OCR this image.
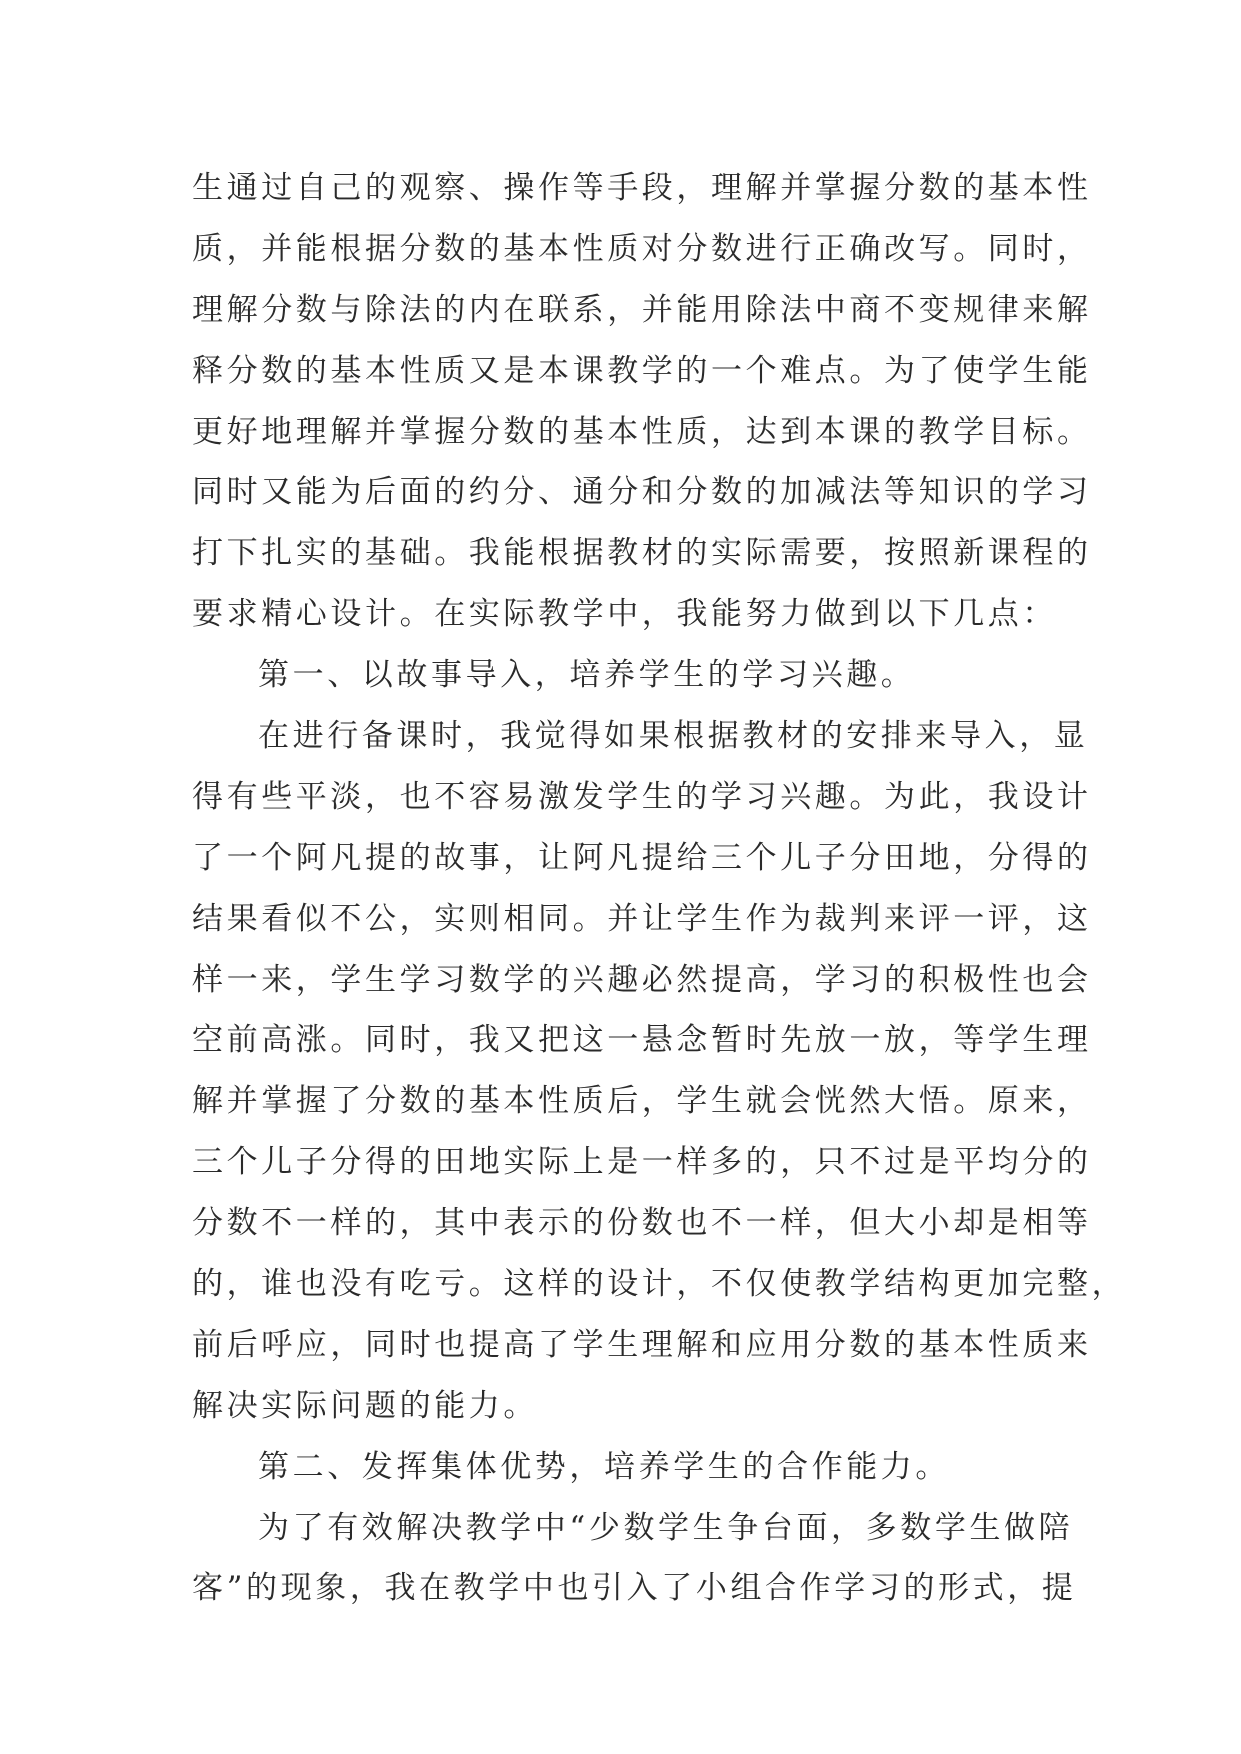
生通过自己的观察、操作等手段，理解并掌握分数的基本性
质，并能根据分数的基本性质对分数进行正确改写。同时，
理解分数与除法的内在联系，并能用除法中商不变规律来解
释分数的基本性质又是本课教学的一个难点。为了使学生能
更好地理解并掌握分数的基本性质，达到本课的教学目标。
同时又能为后面的约分、通分和分数的加减法等知识的学习
打下扎实的基础。我能根据教材的实际需要，按照新课程的
要求精心设计。在实际教学中，我能努力做到以下几点：
第一、以故事导入，培养学生的学习兴趣。
在进行备课时，我觉得如果根据教材的安排来导入，显
得有些平淡，也不容易激发学生的学习兴趣。为此，我设计
了一个阿凡提的故事，让阿凡提给三个儿子分田地，分得的
结果看似不公，实则相同。并让学生作为裁判来评一评，这
样一来，学生学习数学的兴趣必然提高，学习的积极性也会
空前高涨。同时，我又把这一悬念暂时先放一放，等学生理
解并掌握了分数的基本性质后，学生就会恍然大悟。原来，
三个儿子分得的田地实际上是一样多的，只不过是平均分的
分数不一样的，其中表示的份数也不一样，但大小却是相等
的，谁也没有吃亏。这样的设计，不仅使教学结构更加完整，
前后呼应，同时也提高了学生理解和应用分数的基本性质来
解决实际问题的能力。
第二、发挥集体优势，培养学生的合作能力。
为了有效解决教学中“少数学生争台面，多数学生做陪
客”的现象，我在教学中也引入了小组合作学习的形式，提
